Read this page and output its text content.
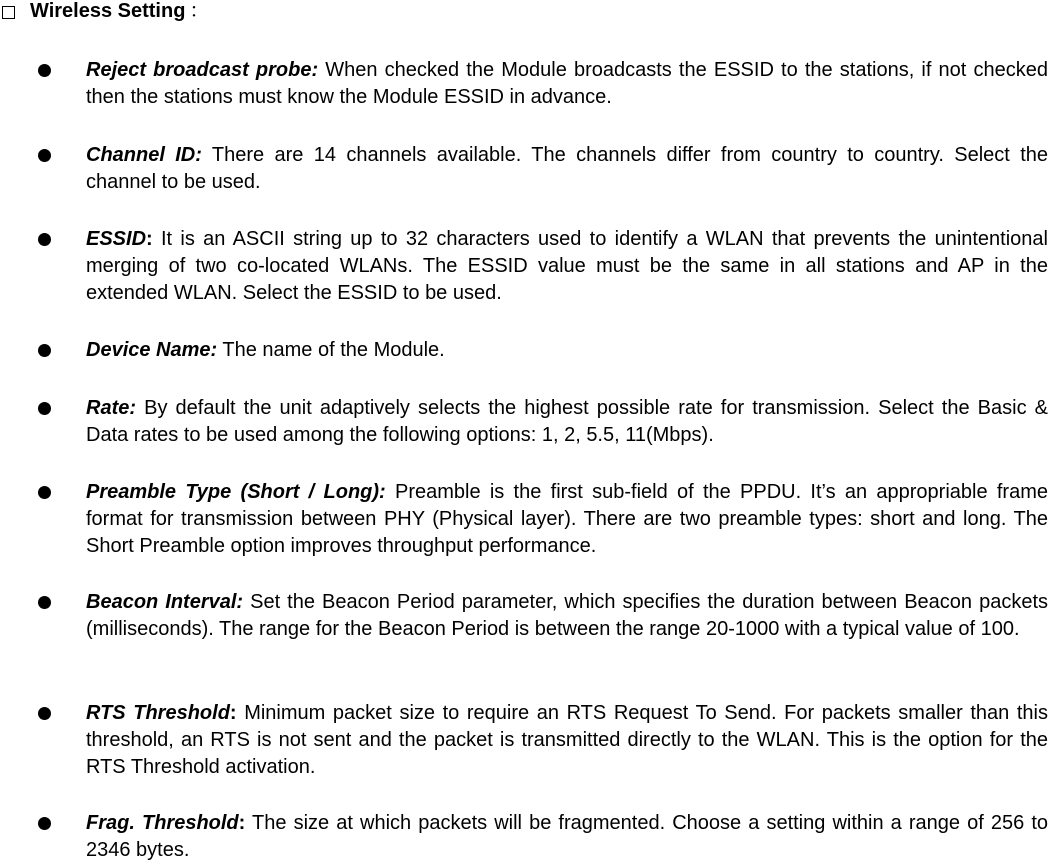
Wireless Setting ：
Reject broadcast probe: When checked the Module broadcasts the ESSID to the stations, if not checked then the stations must know the Module ESSID in advance.
Channel ID: There are 14 channels available. The channels differ from country to country. Select the channel to be used.
ESSID: It is an ASCII string up to 32 characters used to identify a WLAN that prevents the unintentional merging of two co-located WLANs. The ESSID value must be the same in all stations and AP in the extended WLAN. Select the ESSID to be used.
Device Name: The name of the Module.
Rate: By default the unit adaptively selects the highest possible rate for transmission. Select the Basic & Data rates to be used among the following options: 1, 2, 5.5, 11(Mbps).
Preamble Type (Short / Long): Preamble is the first sub-field of the PPDU. It’s an appropriable frame format for transmission between PHY (Physical layer). There are two preamble types: short and long. The Short Preamble option improves throughput performance.
Beacon Interval: Set the Beacon Period parameter, which specifies the duration between Beacon packets (milliseconds). The range for the Beacon Period is between the range 20-1000 with a typical value of 100.
RTS Threshold: Minimum packet size to require an RTS Request To Send. For packets smaller than this threshold, an RTS is not sent and the packet is transmitted directly to the WLAN. This is the option for the RTS Threshold activation.
Frag. Threshold: The size at which packets will be fragmented. Choose a setting within a range of 256 to 2346 bytes.
